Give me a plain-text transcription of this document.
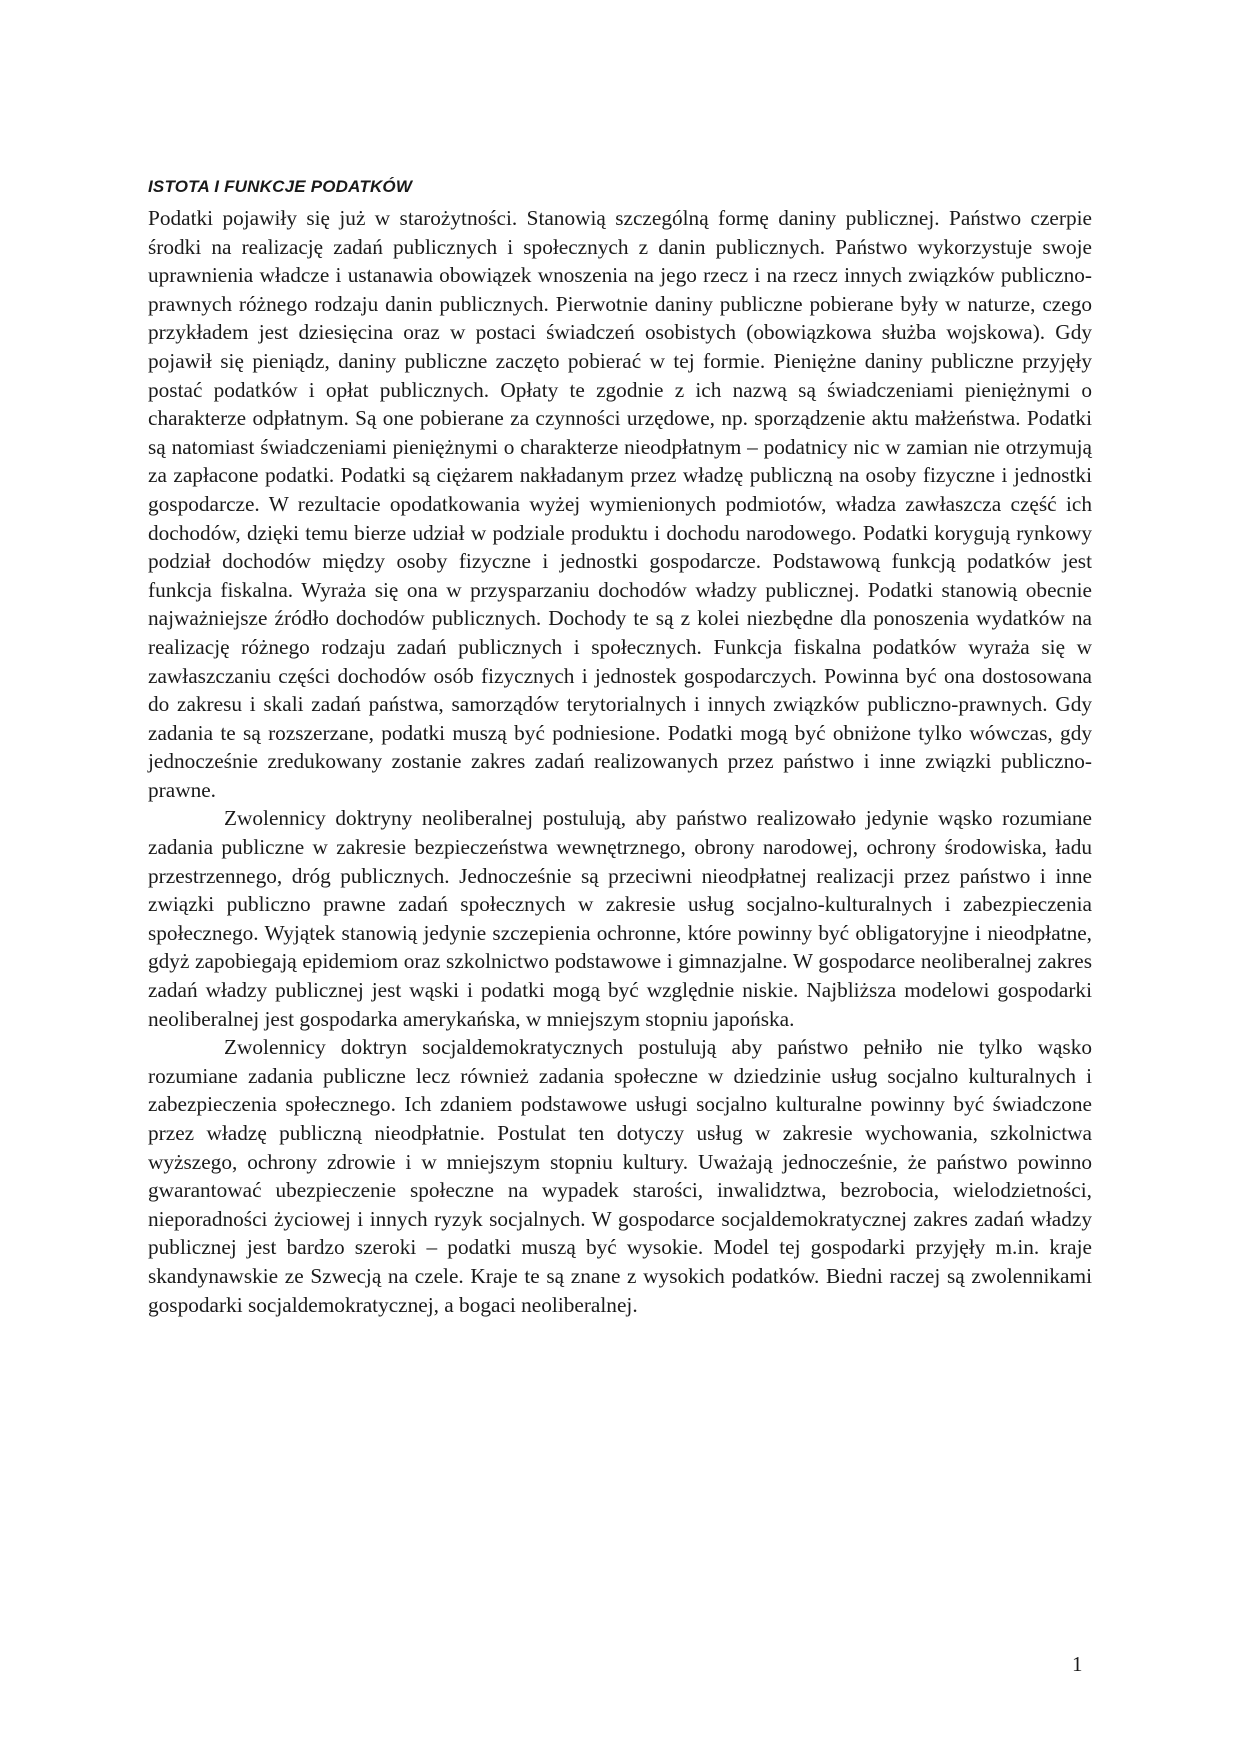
ISTOTA I FUNKCJE PODATKÓW

Podatki pojawiły się już w starożytności. Stanowią szczególną formę daniny publicznej. Państwo czerpie środki na realizację zadań publicznych i społecznych z danin publicznych. Państwo wykorzystuje swoje uprawnienia władcze i ustanawia obowiązek wnoszenia na jego rzecz i na rzecz innych związków publiczno-prawnych różnego rodzaju danin publicznych. Pierwotnie daniny publiczne pobierane były w naturze, czego przykładem jest dziesięcina oraz w postaci świadczeń osobistych (obowiązkowa służba wojskowa). Gdy pojawił się pieniądz, daniny publiczne zaczęto pobierać w tej formie. Pieniężne daniny publiczne przyjęły postać podatków i opłat publicznych. Opłaty te zgodnie z ich nazwą są świadczeniami pieniężnymi o charakterze odpłatnym. Są one pobierane za czynności urzędowe, np. sporządzenie aktu małżeństwa. Podatki są natomiast świadczeniami pieniężnymi o charakterze nieodpłatnym – podatnicy nic w zamian nie otrzymują za zapłacone podatki. Podatki są ciężarem nakładanym przez władzę publiczną na osoby fizyczne i jednostki gospodarcze. W rezultacie opodatkowania wyżej wymienionych podmiotów, władza zawłaszcza część ich dochodów, dzięki temu bierze udział w podziale produktu i dochodu narodowego. Podatki korygują rynkowy podział dochodów między osoby fizyczne i jednostki gospodarcze. Podstawową funkcją podatków jest funkcja fiskalna. Wyraża się ona w przysparzaniu dochodów władzy publicznej. Podatki stanowią obecnie najważniejsze źródło dochodów publicznych. Dochody te są z kolei niezbędne dla ponoszenia wydatków na realizację różnego rodzaju zadań publicznych i społecznych. Funkcja fiskalna podatków wyraża się w zawłaszczaniu części dochodów osób fizycznych i jednostek gospodarczych. Powinna być ona dostosowana do zakresu i skali zadań państwa, samorządów terytorialnych i innych związków publiczno-prawnych. Gdy zadania te są rozszerzane, podatki muszą być podniesione. Podatki mogą być obniżone tylko wówczas, gdy jednocześnie zredukowany zostanie zakres zadań realizowanych przez państwo i inne związki publiczno-prawne.

Zwolennicy doktryny neoliberalnej postulują, aby państwo realizowało jedynie wąsko rozumiane zadania publiczne w zakresie bezpieczeństwa wewnętrznego, obrony narodowej, ochrony środowiska, ładu przestrzennego, dróg publicznych. Jednocześnie są przeciwni nieodpłatnej realizacji przez państwo i inne związki publiczno prawne zadań społecznych w zakresie usług socjalno-kulturalnych i zabezpieczenia społecznego. Wyjątek stanowią jedynie szczepienia ochronne, które powinny być obligatoryjne i nieodpłatne, gdyż zapobiegają epidemiom oraz szkolnictwo podstawowe i gimnazjalne. W gospodarce neoliberalnej zakres zadań władzy publicznej jest wąski i podatki mogą być względnie niskie. Najbliższa modelowi gospodarki neoliberalnej jest gospodarka amerykańska, w mniejszym stopniu japońska.

Zwolennicy doktryn socjaldemokratycznych postulują aby państwo pełniło nie tylko wąsko rozumiane zadania publiczne lecz również zadania społeczne w dziedzinie usług socjalno kulturalnych i zabezpieczenia społecznego. Ich zdaniem podstawowe usługi socjalno kulturalne powinny być świadczone przez władzę publiczną nieodpłatnie. Postulat ten dotyczy usług w zakresie wychowania, szkolnictwa wyższego, ochrony zdrowie i w mniejszym stopniu kultury. Uważają jednocześnie, że państwo powinno gwarantować ubezpieczenie społeczne na wypadek starości, inwalidztwa, bezrobocia, wielodzietności, nieporadności życiowej i innych ryzyk socjalnych. W gospodarce socjaldemokratycznej zakres zadań władzy publicznej jest bardzo szeroki – podatki muszą być wysokie. Model tej gospodarki przyjęły m.in. kraje skandynawskie ze Szwecją na czele. Kraje te są znane z wysokich podatków. Biedni raczej są zwolennikami gospodarki socjaldemokratycznej, a bogaci neoliberalnej.

1
